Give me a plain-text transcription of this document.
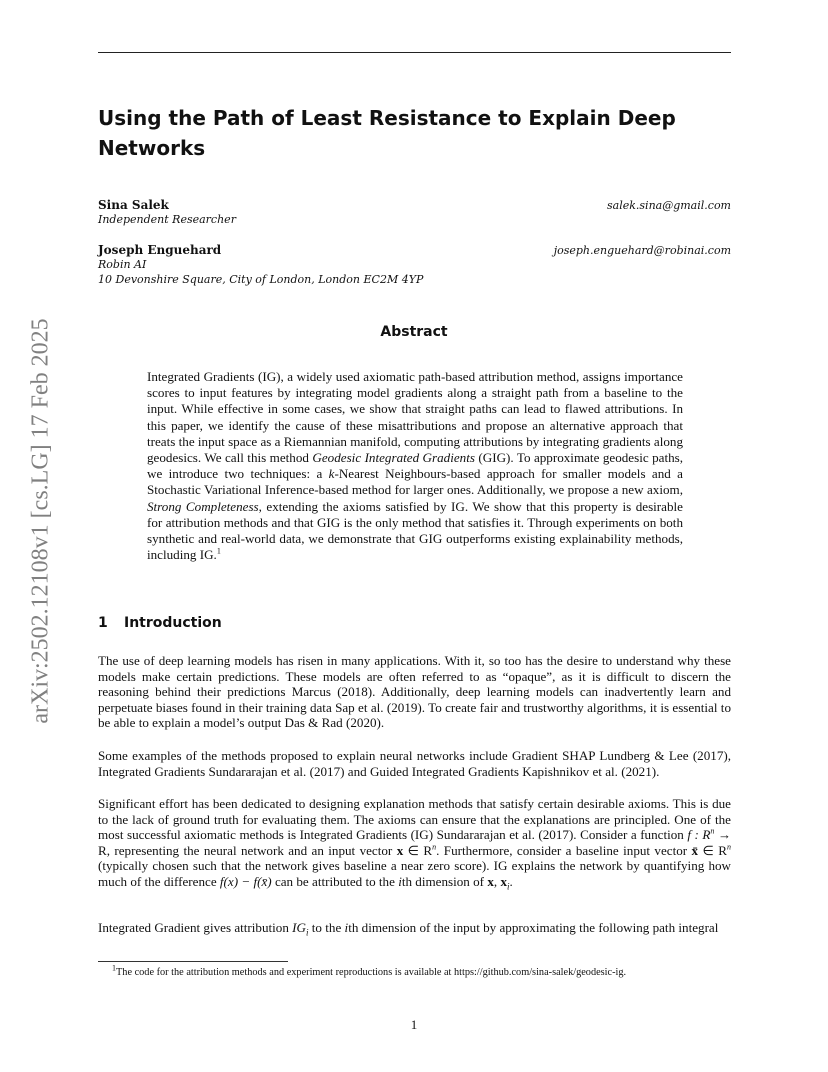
arXiv:2502.12108v1 [cs.LG] 17 Feb 2025
Using the Path of Least Resistance to Explain Deep Networks
Sina Salek	salek.sina@gmail.com
Independent Researcher
Joseph Enguehard	joseph.enguehard@robinai.com
Robin AI
10 Devonshire Square, City of London, London EC2M 4YP
Abstract

Integrated Gradients (IG), a widely used axiomatic path-based attribution method, assigns importance scores to input features by integrating model gradients along a straight path from a baseline to the input. While effective in some cases, we show that straight paths can lead to flawed attributions. In this paper, we identify the cause of these misattributions and propose an alternative approach that treats the input space as a Riemannian manifold, computing attributions by integrating gradients along geodesics. We call this method Geodesic Integrated Gradients (GIG). To approximate geodesic paths, we introduce two techniques: a k-Nearest Neighbours-based approach for smaller models and a Stochastic Variational Inference-based method for larger ones. Additionally, we propose a new axiom, Strong Completeness, extending the axioms satisfied by IG. We show that this property is desirable for attribution methods and that GIG is the only method that satisfies it. Through experiments on both synthetic and real-world data, we demonstrate that GIG outperforms existing explainability methods, including IG.$^1$

1 Introduction

The use of deep learning models has risen in many applications. With it, so too has the desire to understand why these models make certain predictions. These models are often referred to as “opaque”, as it is difficult to discern the reasoning behind their predictions Marcus (2018). Additionally, deep learning models can inadvertently learn and perpetuate biases found in their training data Sap et al. (2019). To create fair and trustworthy algorithms, it is essential to be able to explain a model’s output Das & Rad (2020).

Some examples of the methods proposed to explain neural networks include Gradient SHAP Lundberg & Lee (2017), Integrated Gradients Sundararajan et al. (2017) and Guided Integrated Gradients Kapishnikov et al. (2021).

Significant effort has been dedicated to designing explanation methods that satisfy certain desirable axioms. This is due to the lack of ground truth for evaluating them. The axioms can ensure that the explanations are principled. One of the most successful axiomatic methods is Integrated Gradients (IG) Sundararajan et al. (2017). Consider a function f : $R^n \to R$, representing the neural network and an input vector x ∈ $R^n$. Furthermore, consider a baseline input vector x̄ ∈ $R^n$ (typically chosen such that the network gives baseline a near zero score). IG explains the network by quantifying how much of the difference f(x) − f(x̄) can be attributed to the ith dimension of x, $x_i$.

Integrated Gradient gives attribution $IG_i$ to the ith dimension of the input by approximating the following path integral

$^1$The code for the attribution methods and experiment reproductions is available at https://github.com/sina-salek/geodesic-ig.

1
